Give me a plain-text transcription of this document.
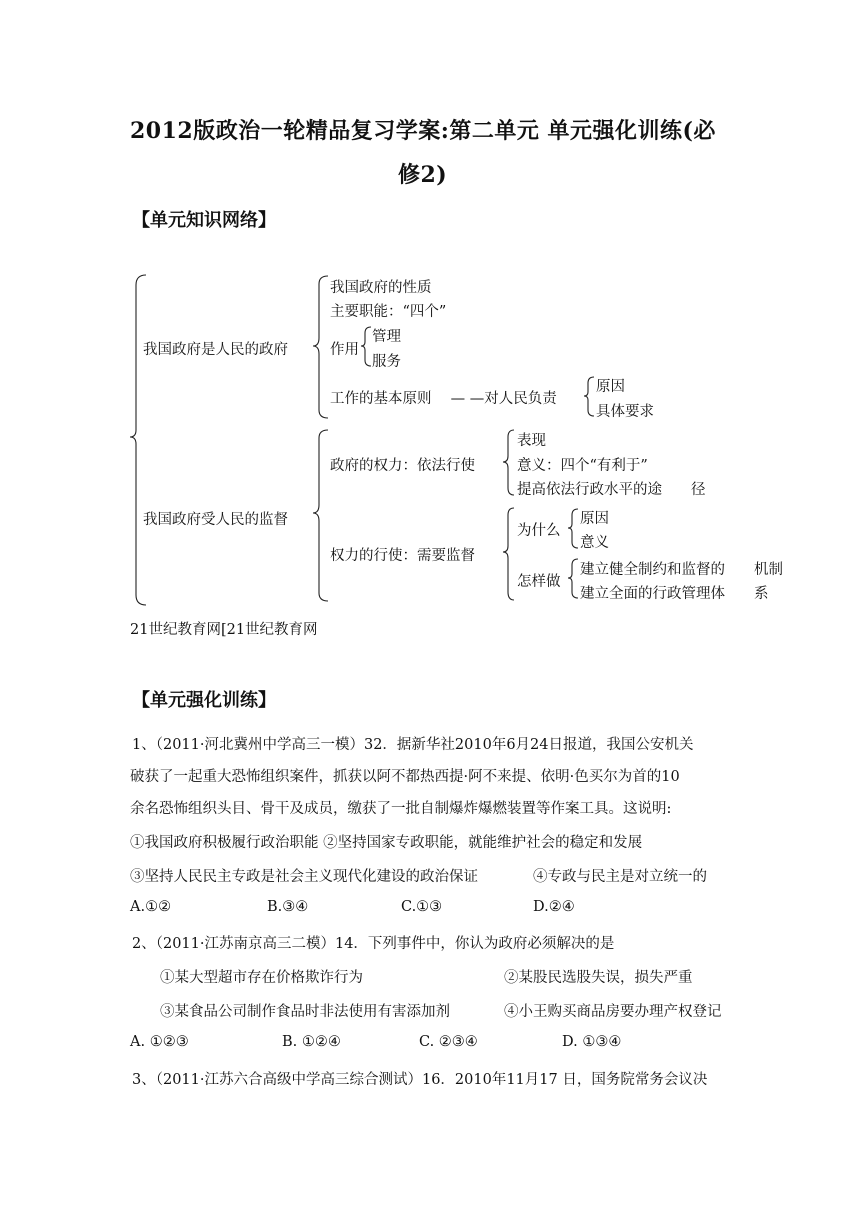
2012版政治一轮精品复习学案:第二单元 单元强化训练(必
修2)
【单元知识网络】
我国政府是人民的政府
我国政府的性质
主要职能：“四个”
作用
管理
服务
工作的基本原则　 — —对人民负责
原因
具体要求
我国政府受人民的监督
政府的权力：依法行使
表现
意义：四个“有利于”
提高依法行政水平的途　　径
权力的行使：需要监督
为什么
原因
意义
怎样做
建立健全制约和监督的　　机制
建立全面的行政管理体　　系
21世纪教育网[21世纪教育网
【单元强化训练】
1、（2011·河北冀州中学高三一模）32．据新华社2010年6月24日报道，我国公安机关
破获了一起重大恐怖组织案件，抓获以阿不都热西提·阿不来提、依明·色买尔为首的10
余名恐怖组织头目、骨干及成员，缴获了一批自制爆炸爆燃装置等作案工具。这说明:
①我国政府积极履行政治职能 ②坚持国家专政职能，就能维护社会的稳定和发展
③坚持人民民主专政是社会主义现代化建设的政治保证	④专政与民主是对立统一的
A.①②	B.③④	C.①③	D.②④
2、（2011·江苏南京高三二模）14．下列事件中，你认为政府必须解决的是
①某大型超市存在价格欺诈行为	②某股民选股失误，损失严重
③某食品公司制作食品时非法使用有害添加剂	④小王购买商品房要办理产权登记
A. ①②③	B. ①②④	C. ②③④	D. ①③④
3、（2011·江苏六合高级中学高三综合测试）16．2010年11月17 日，国务院常务会议决
